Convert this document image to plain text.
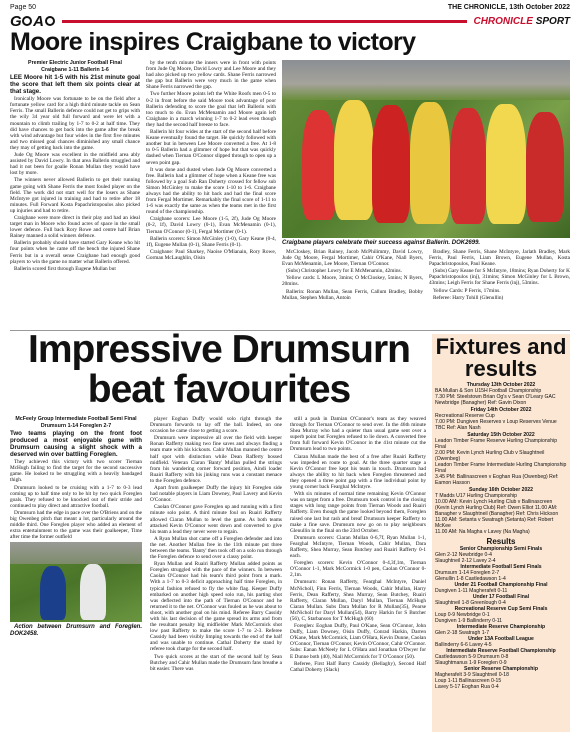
Page 50	THE CHRONICLE, 13th October 2022
G A	CHRONICLE SPORT
Moore inspires Craigbane to victory

Premier Electric Junior Football Final

Craigbane 1-11 Ballerin 1-6

LEE Moore hit 1-5 with his 21st minute goal the score that left them six points clear at that stage.

Ironically Moore was fortunate to be on the field after a fortunate yellow card for a high third minute tackle on Sean Ferris. The small Ballerin defence could not get to grips with the wily 34 year old full forward and were let with a mountain to climb trailing by 1-7 to 0-2 at half time. They did have chances to get back into the game after the break with wind advantage but four wides in the first five minutes and two missed goal chances diminished any small chance they may of getting back into the game.

Jude Og Moore was excellent in the midfield area ably assisted by David Lowry. In that area Ballerin struggled and had it not been for goalie Ronan Mullan they would have lost by more.

The winners never allowed Ballerin to get their running game going with Shane Ferris the most fouled player on the field. The work did not start well for the losers as Shane McIntyre got injured in training and had to retire after 18 minutes. Full Forward Kosta Papachristopoulos also picked up injuries and had to retire.

Craigbane were more direct in their play and had an ideal target man in Moore who found acres of space in the small lower defence. Full back Rory Rowe and centre half Brian Rainey manned a solid winners defence.

Ballerin probably should have started Gary Keane who hit four points when he came off the bench the injured Shane Ferris but in a overall sense Craigbane had enough good players to win the game no matter what Ballerin offered.

Ballerin scored first through Eugene Mullan but

by the tenth minute the inners were in front with points from Jude Og Moore, David Lowry and Lee Moore and they had also picked up two yellow cards. Shane Ferris narrowed the gap but Ballerin were very much in the game when Shane Ferris narrowed the gap.

Two further Moore points left the White Roofs men 0-5 to 0-2 in front before the said Moore took advantage of poor Ballerin defending to score the goal that left Ballerin with too much to do. Evan McMenamin and Moore again left Craigbane in a march winning 1-7 to 0-2 lead even though they had the second half breeze to face.

Ballerin hit four wides at the start of the second half before Keane eventually found the target. He quickly followed with another but in between Lee Moore converted a free. At 1-8 to 0-5 Ballerin had a glimmer of hope but that was quickly dashed when Tiernan O'Connor slipped through to open up a seven point gap.

It was done and dusted when Jude Og Moore converted a free. Ballerin had a glimmer of hope when a Keane free was followed by a goal Sub Ran Doherty crossed for fellow sub Simon McGinley to make the score 1-10 to 1-6. Craigbane always had the ability to hit back and had the final score from Fergal Mortimer. Remarkably the final score of 1-11 to 1-6 was exactly the same as when the teams met in the first round of the championship.

Craigbane scorers: Lee Moore (1-5, 2f), Jude Og Moore (0-2, 1f), David Lowry (0-1), Evan McMenamin (0-1), Tiernan O'Connor (0-1), Fergal Mortimer (0-1).

Ballerin scorers: Simon McGinley (1-0), Gary Keane (0-4, 1f), Eugene Mullan (0-1), Shane Ferris (0-1).

Craigbane: Paul Sharkey, Naoise O'Mianain, Rory Rowe, Gorman McLaughlin, Oisin

Craigbane players celebrate their success against Ballerin. DOK2699.

McCloskey, Brian Rainey, Jacob McPhilimmy, David Lowry, Jude Og Moore, Fergal Mortimer, Cahir O'Kane, Niall Byers, Evan McMenamin, Lee Moore, Tiernan O'Connor.

(Subs) Christopher Lowry for E McMenamin, 42mins.

Yellow cards: L Moore, 3mins; O McCloskey, 5mins; N Byers, 20mins.

Ballerin: Ronan Mullan, Sean Ferris, Callum Bradley, Bobby Mullan, Stephen Mullan, Antoin

Bradley, Shane Ferris, Shane McIntyre, Jarlath Bradley, Mark Ferris, Paul Ferris, Liam Brown, Eugene Mullan, Kosta Papachristopoulos, Paul Keane.

(Subs) Gary Keane for S McIntyre, 18mins; Ryan Doherty for K Papachristopoulos (inj), 31mins; Simon McGinley for L Brown, 43mins; Leigh Ferris for Shane Ferris (inj), 53mins.

Yellow Cards: P Ferris, 17mins.

Referee: Harry Tohill (Glenullin)

Impressive Drumsurn beat favourites
Fixtures and results
Thursday 13th October 2022
BA Mullan & Son U15H Football Championship
7.30 PM: Steelstown Brian Og's v Sean O'Leary GAC Newbridge (Banagher) Ref: Gavin Dixon
Friday 14th October 2022
Recreational Reserve Cup
7.00 PM: Dungiven Reserves v Loup Reserves Venue TBC Ref: Alan Nash
Saturday 15th October 2022
Leadon Timber Frame Reserve Hurling Championship Final
2.00 PM: Kevin Lynch Hurling Club v Slaughtneil (Owenbeg)
Leadon Timber Frame Intermediate Hurling Championship Final
3.45 PM: Ballinascreen v Eoghan Rua (Owenbeg) Ref: Eamon Hasson
Sunday 16th October 2022
T Madds U17 Hurling Championship
10.00 AM: Kevin Lynch Hurling Club v Ballinascreen (Kevin Lynch Hurling Club) Ref: Owen Elliot 11.00 AM: Banagher v Slaughtneil (Banagher) Ref: Chris Hickson 11.00 AM: Setanta v Swatragh (Setanta) Ref: Robert McKee
11.00 AM: Na Magha v Lavey (Na Magha)
Results
Senior Championship Semi Finals
Glen 2-12 Newbridge 0-4
Slaughtneil 2-12 Lavey 2-4
Intermediate Football Semi Finals
Drumsurn 1-14 Foreglen 2-7
Glenullin 1-8 Castledawson 1-4
Under 21 Football Championship Final
Dungiven 1-11 Magherafelt 0-11
Under 17 Football Final
Slaughtneil 1-8 Greenlough 0-4
Recreational Reserve Cup Semi Finals
Loup 0-9 Newbridge 0-1
Dungiven 1-9 Ballinderry 0-11
Intermediate Reserve Championship
Glen 2-18 Swatragh 1-7
Under 13A Football League
Ballinderry 6-6 Lavey 4-5
Intermediate Reserve Football Championship
Castledawson 5-9 Drumsurn 0-8
Slaughtmanus 1-9 Foreglen 0-9
Senior Reserve Championship
Magherafelt 3-9 Slaughtneil 0-18
Loup 1-11 Ballinascreen 0-15
Lavey 5-17 Eoghan Rua 0-4

McFeely Group Intermediate Football Semi Final

Drumsurn 1-14 Foreglen 2-7

Two teams playing on the front foot produced a most enjoyable game with Drumsurn causing a slight shock with a deserved win over battling Foreglen.

They achieved this victory with two scorer Tiernan McHugh failing to find the target for the second successive game. He looked to be struggling with a heavily bandaged thigh.

Drumsurn looked to be cruising with a 1-7 to 0-3 lead coming up to half time only to be hit by two quick Foreglen goals. They refused to be knocked out of their stride and continued to play direct and attractive football.

Drumsurn had the edge in pace over the O'Briens and on the big Owenbeg pitch that meant a lot, particularly around the middle third. One Foreglen player who added an element of extra entertainment to the game was their goalkeeper, Time after time the former outfield

Action between Drumsurn and Foreglen. DOK2458.

player Eoghan Duffy would solo right through the Drumsurn forwards to lay off the ball. Indeed, on one occasion he came close to getting a score.

Drumsurn were impressive all over the field with keeper Ronan Rafferty making two fine saves and always finding a team mate with his kickouts. Cahir Mullan manned the centre half spot with distinction while Dean Rafferty bossed midfield. Veteran Ciaran 'Banty' Mullan pulled the strings from his wandering corner forward position, Aindi loader Ruairi Rafferty with his jinking runs was a constant menace to the Foreglen defence.

Apart from goalkeeper Duffy the injury hit Foreglen side had notable players in Liam Downey, Paul Lavery and Kevin O'Connor.

Caolan O'Connor gave Foreglen up and running with a first minute solo point. A third minute foul on Ruairi Rafferty allowed Ciaran Mullan to level the game. As both teams attacked Kevin O'Connor went down and converted to give his team a lead they never were to regain.

A Ryan Mullan shot came off a Foreglen defender and into the net. Another Mullan free in the 11th minute put three between the teams. 'Banty' then took off on a solo run through the Foreglen defence to send over a classy point.

Ryan Mullan and Ruairi Rafferty Mullan added points as Foreglen struggled with the pace of the winners. In between Caolan O'Connor had his team's third point from a mark. With a 1-7 to 0-3 deficit approaching half time Foreglen, in typical fashion refused to fly the white flag. Keeper Duffy embarked on another high speed solo run, his parting shot was deflected into the path of Tiernan O'Connor and he returned it to the net. O'Connor was fouled as he was about to shoot, with another goal on his mind. Referee Barry Cassidy with his last decision of the game spread its arms and from the resultant penalty big midfielder Mark McCormick shot low past Rafferty to make the score 1-7 to 2-3. Referee Cassidy had been visibly limping towards the end of the half and was unable to continue. Cathal Doherty the stand by referee took charge for the second half.

Two quick scores at the start of the second half by Sean Butchey and Cahir Mullan made the Drumsurn fans breathe a bit easier. There was

still a push in Damian O'Connor's team as they weaved through for Tiernan O'Connor to send over. In the 46th minute Shea Murray who had a quieter than usual game sent over a superb point but Foreglen refused to lie down. A converted free from full forward Kevin O'Connor in the 41st minute cut the Drumsurn lead to two points.

Ciaran Mullan made the best of a free after Ruairi Rafferty was impeded en route to goal. At the three quarter stage a Kevin O'Connor free kept his team in touch. Drumsurn had always the ability to hit back when Foreglen threatened and they opened a three point gap with a fine individual point by young corner back Fearghal McIntyre.

With six minutes of normal time remaining Kevin O'Connor was on target from a free. Drumsurn took control in the closing stages with long range points from Tiernan Woods and Ruairi Rafferty. Even though the game looked beyond them, Foreglen raised one last but rash and breaf Drumsurn keeper Rafferty to make a fine save. Drumsurn now go on to play neighbours Glenullin in the final on the 23rd October.

Drumsurn scorers: Ciaran Mullan 0-6,7f, Ryan Mullan 1-1, Fearghal McIntyre, Tiernan Woods, Cahir Mullan, Dara Rafferty, Shea Murray, Sean Butchey and Ruairi Rafferty 0-1 each.

Foreglen scorers: Kevin O'Connor 0-4,3f,1m, Tiernan O'Connor 1-1, Mark McCormick 1-0 pen, Caolan O'Connor 0-2,1m.

Drumsurn: Ronan Rafferty, Fearghal McIntyre, Daniel McNicholl, Finn Ferris, Tiernan Woods, Cahir Mullan, Harry Ferris, Dean Rafferty, Shea Murray, Sean Butchey, Ruairi Rafferty, Ciaran Mullan, Daryl Mullan, Tiernan McHugh Ciaran Mullan. Subs Dara Mullan for R Mullan(35), Pearse McNicholl for Daryl Mullan(54), Barry Harkin for S Butcher (56), C, Starbanson for T McHugh (60)

Foreglen: Eoghan Duffy, Paul O'Kane, Sean O'Connor, John Duffy, Liam Downey, Oisin Duffy, Conrad Harkin, Darren O'Kane, Mark McCormick, Liam O'Hara, Kevin Dunne, Caolan O'Connor, Tiernan O'Connor, Kevin O'Connor, Cahir O'Connor. Subs: Eanan McNeely for L O'Hara and Jonathan O'Dwyer for E Dunne both (40), Niall McCormick for T O'Connor (50).

Referee, First Half Barry Cassidy (Bellaghy), Second Half Cathal Doherty (Slack)
